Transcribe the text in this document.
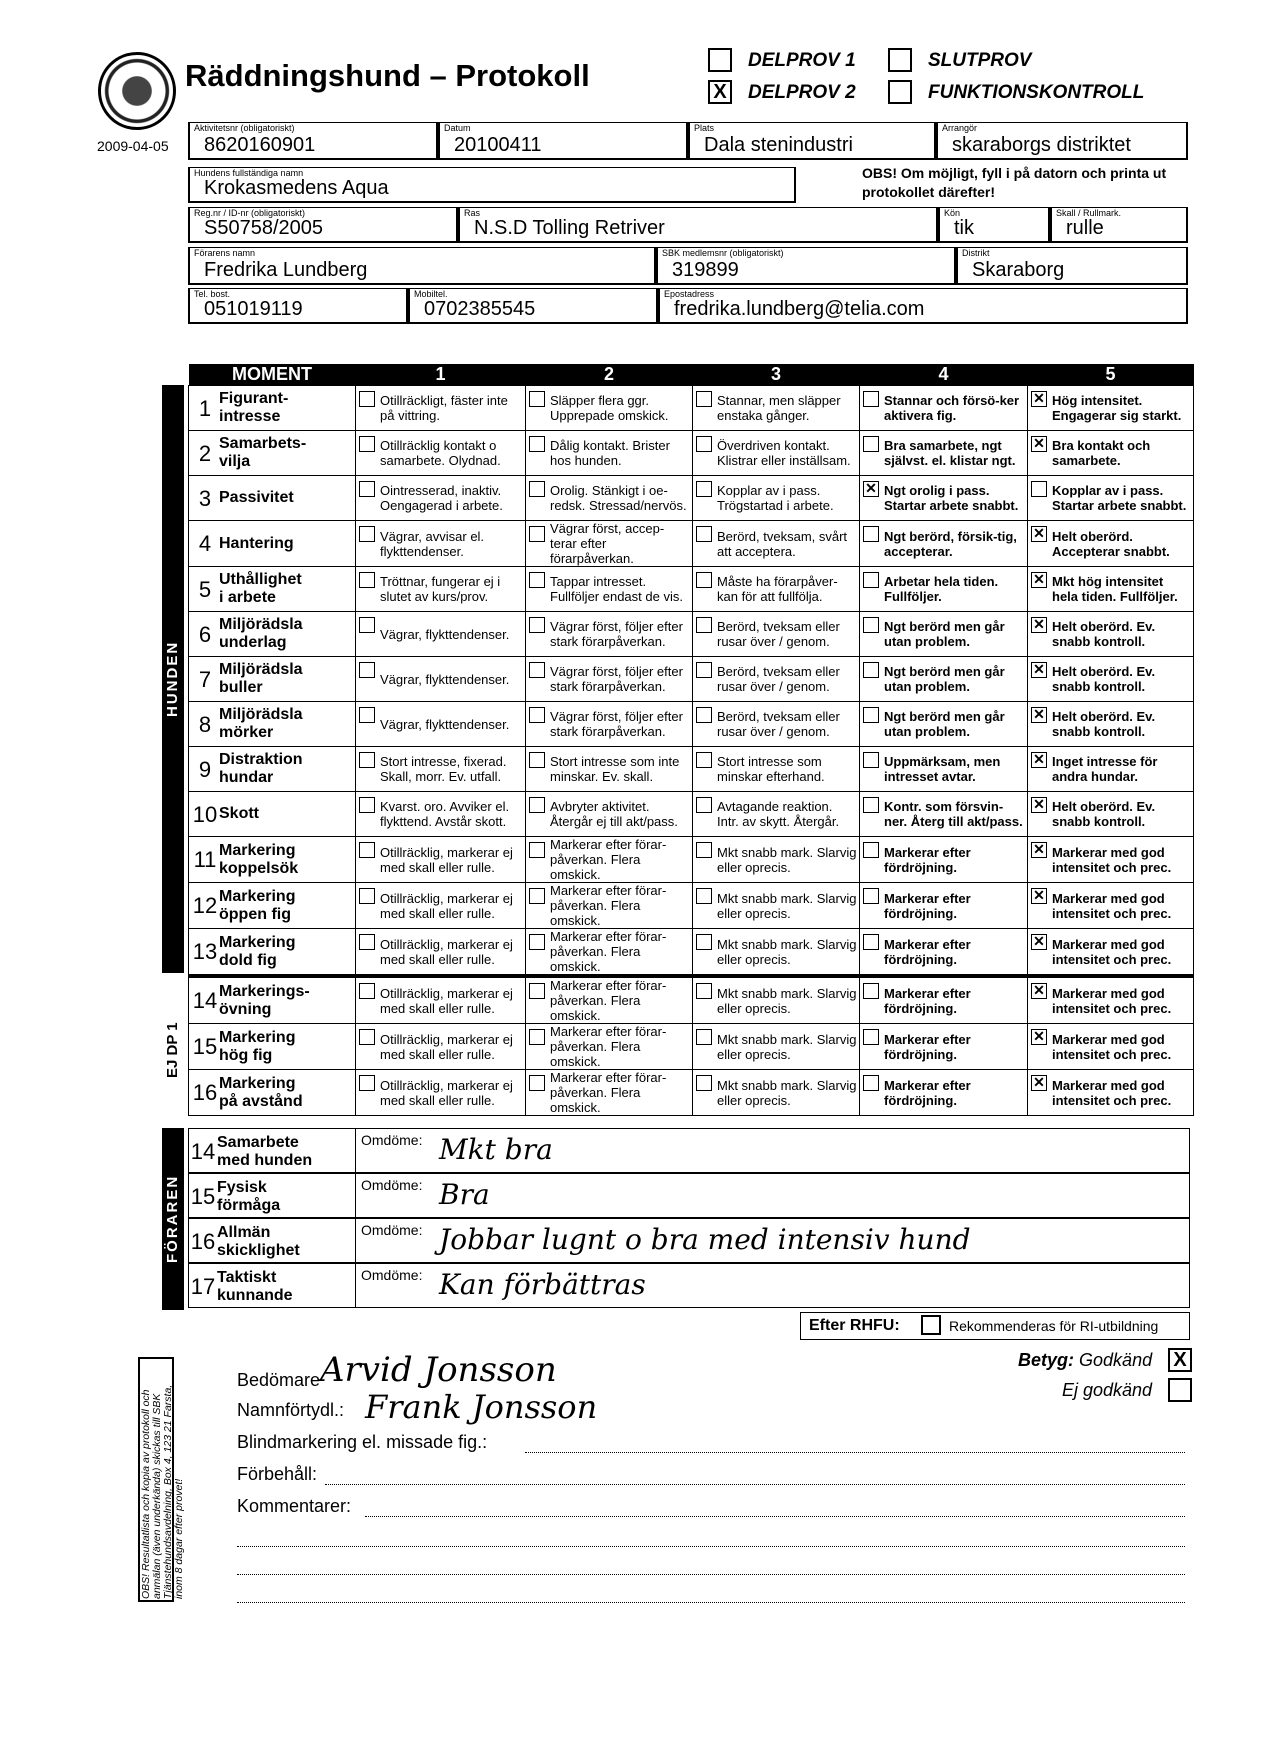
Räddningshund – Protokoll
2009-04-05
DELPROV 1
X DELPROV 2
SLUTPROV
FUNKTIONSKONTROLL
Aktivitetsnr (obligatoriskt)
8620160901
Datum
20100411
Plats
Dala stenindustri
Arrangör
skaraborgs distriktet
Hundens fullständiga namn
Krokasmedens Aqua
OBS! Om möjligt, fyll i på datorn och printa ut protokollet därefter!
Reg.nr / ID-nr (obligatoriskt)
S50758/2005
Ras
N.S.D Tolling Retriver
Kön
tik
Skall / Rullmark.
rulle
Förarens namn
Fredrika Lundberg
SBK medlemsnr (obligatoriskt)
319899
Distrikt
Skaraborg
Tel. bost.
051019119
Mobiltel.
0702385545
Epostadress
fredrika.lundberg@telia.com
HUNDEN
EJ DP 1
FÖRAREN
MOMENT	1	2	3	4	5
1 Figurant-
intresse	Otillräckligt, fäster inte på vittring.	Släpper flera ggr. Upprepade omskick.	Stannar, men släpper enstaka gånger.	Stannar och försö-ker aktivera fig.	✕ Hög intensitet. Engagerar sig starkt.
2 Samarbets-
vilja	Otillräcklig kontakt o samarbete. Olydnad.	Dålig kontakt. Brister hos hunden.	Överdriven kontakt. Klistrar eller inställsam.	Bra samarbete, ngt självst. el. klistar ngt.	✕ Bra kontakt och samarbete.
3 Passivitet	Ointresserad, inaktiv. Oengagerad i arbete.	Orolig. Stänkigt i oe-redsk. Stressad/nervös.	Kopplar av i pass. Trögstartad i arbete.	✕ Ngt orolig i pass. Startar arbete snabbt.	Kopplar av i pass. Startar arbete snabbt.
4 Hantering	Vägrar, avvisar el. flykttendenser.	Vägrar först, accep-terar efter förarpåverkan.	Berörd, tveksam, svårt att acceptera.	Ngt berörd, försik-tig, accepterar.	✕ Helt oberörd. Accepterar snabbt.
5 Uthållighet
i arbete	Tröttnar, fungerar ej i slutet av kurs/prov.	Tappar intresset. Fullföljer endast de vis.	Måste ha förarpåver-kan för att fullfölja.	Arbetar hela tiden. Fullföljer.	✕ Mkt hög intensitet hela tiden. Fullföljer.
6 Miljörädsla
underlag	Vägrar, flykttendenser.	Vägrar först, följer efter stark förarpåverkan.	Berörd, tveksam eller rusar över / genom.	Ngt berörd men går utan problem.	✕ Helt oberörd. Ev. snabb kontroll.
7 Miljörädsla
buller	Vägrar, flykttendenser.	Vägrar först, följer efter stark förarpåverkan.	Berörd, tveksam eller rusar över / genom.	Ngt berörd men går utan problem.	✕ Helt oberörd. Ev. snabb kontroll.
8 Miljörädsla
mörker	Vägrar, flykttendenser.	Vägrar först, följer efter stark förarpåverkan.	Berörd, tveksam eller rusar över / genom.	Ngt berörd men går utan problem.	✕ Helt oberörd. Ev. snabb kontroll.
9 Distraktion
hundar	Stort intresse, fixerad. Skall, morr. Ev. utfall.	Stort intresse som inte minskar. Ev. skall.	Stort intresse som minskar efterhand.	Uppmärksam, men intresset avtar.	✕ Inget intresse för andra hundar.
10 Skott	Kvarst. oro. Avviker el. flykttend. Avstår skott.	Avbryter aktivitet. Återgår ej till akt/pass.	Avtagande reaktion. Intr. av skytt. Återgår.	Kontr. som försvin-ner. Återg till akt/pass.	✕ Helt oberörd. Ev. snabb kontroll.
11 Markering
koppelsök	Otillräcklig, markerar ej med skall eller rulle.	Markerar efter förar-påverkan. Flera omskick.	Mkt snabb mark. Slarvig eller oprecis.	Markerar efter fördröjning.	✕ Markerar med god intensitet och prec.
12 Markering
öppen fig	Otillräcklig, markerar ej med skall eller rulle.	Markerar efter förar-påverkan. Flera omskick.	Mkt snabb mark. Slarvig eller oprecis.	Markerar efter fördröjning.	✕ Markerar med god intensitet och prec.
13 Markering
dold fig	Otillräcklig, markerar ej med skall eller rulle.	Markerar efter förar-påverkan. Flera omskick.	Mkt snabb mark. Slarvig eller oprecis.	Markerar efter fördröjning.	✕ Markerar med god intensitet och prec.
14 Markerings-
övning	Otillräcklig, markerar ej med skall eller rulle.	Markerar efter förar-påverkan. Flera omskick.	Mkt snabb mark. Slarvig eller oprecis.	Markerar efter fördröjning.	✕ Markerar med god intensitet och prec.
15 Markering
hög fig	Otillräcklig, markerar ej med skall eller rulle.	Markerar efter förar-påverkan. Flera omskick.	Mkt snabb mark. Slarvig eller oprecis.	Markerar efter fördröjning.	✕ Markerar med god intensitet och prec.
16 Markering
på avstånd	Otillräcklig, markerar ej med skall eller rulle.	Markerar efter förar-påverkan. Flera omskick.	Mkt snabb mark. Slarvig eller oprecis.	Markerar efter fördröjning.	✕ Markerar med god intensitet och prec.
14 Samarbete
med hunden
Omdöme: Mkt bra
15 Fysisk
förmåga
Omdöme: Bra
16 Allmän
skicklighet
Omdöme: Jobbar lugnt o bra med intensiv hund
17 Taktiskt
kunnande
Omdöme: Kan förbättras
Efter RHFU:	Rekommenderas för RI-utbildning
Betyg: Godkänd X
Ej godkänd
OBS! Resultatlista och kopia av protokoll och anmälan (även underkända) skickas till SBK Tjänstehundsavdelning, Box 4, 123 21 Farsta, inom 8 dagar efter provet!
Bedömare Arvid Jonsson
Namnförtydl.: Frank Jonsson
Blindmarkering el. missade fig.:
Förbehåll:
Kommentarer:
